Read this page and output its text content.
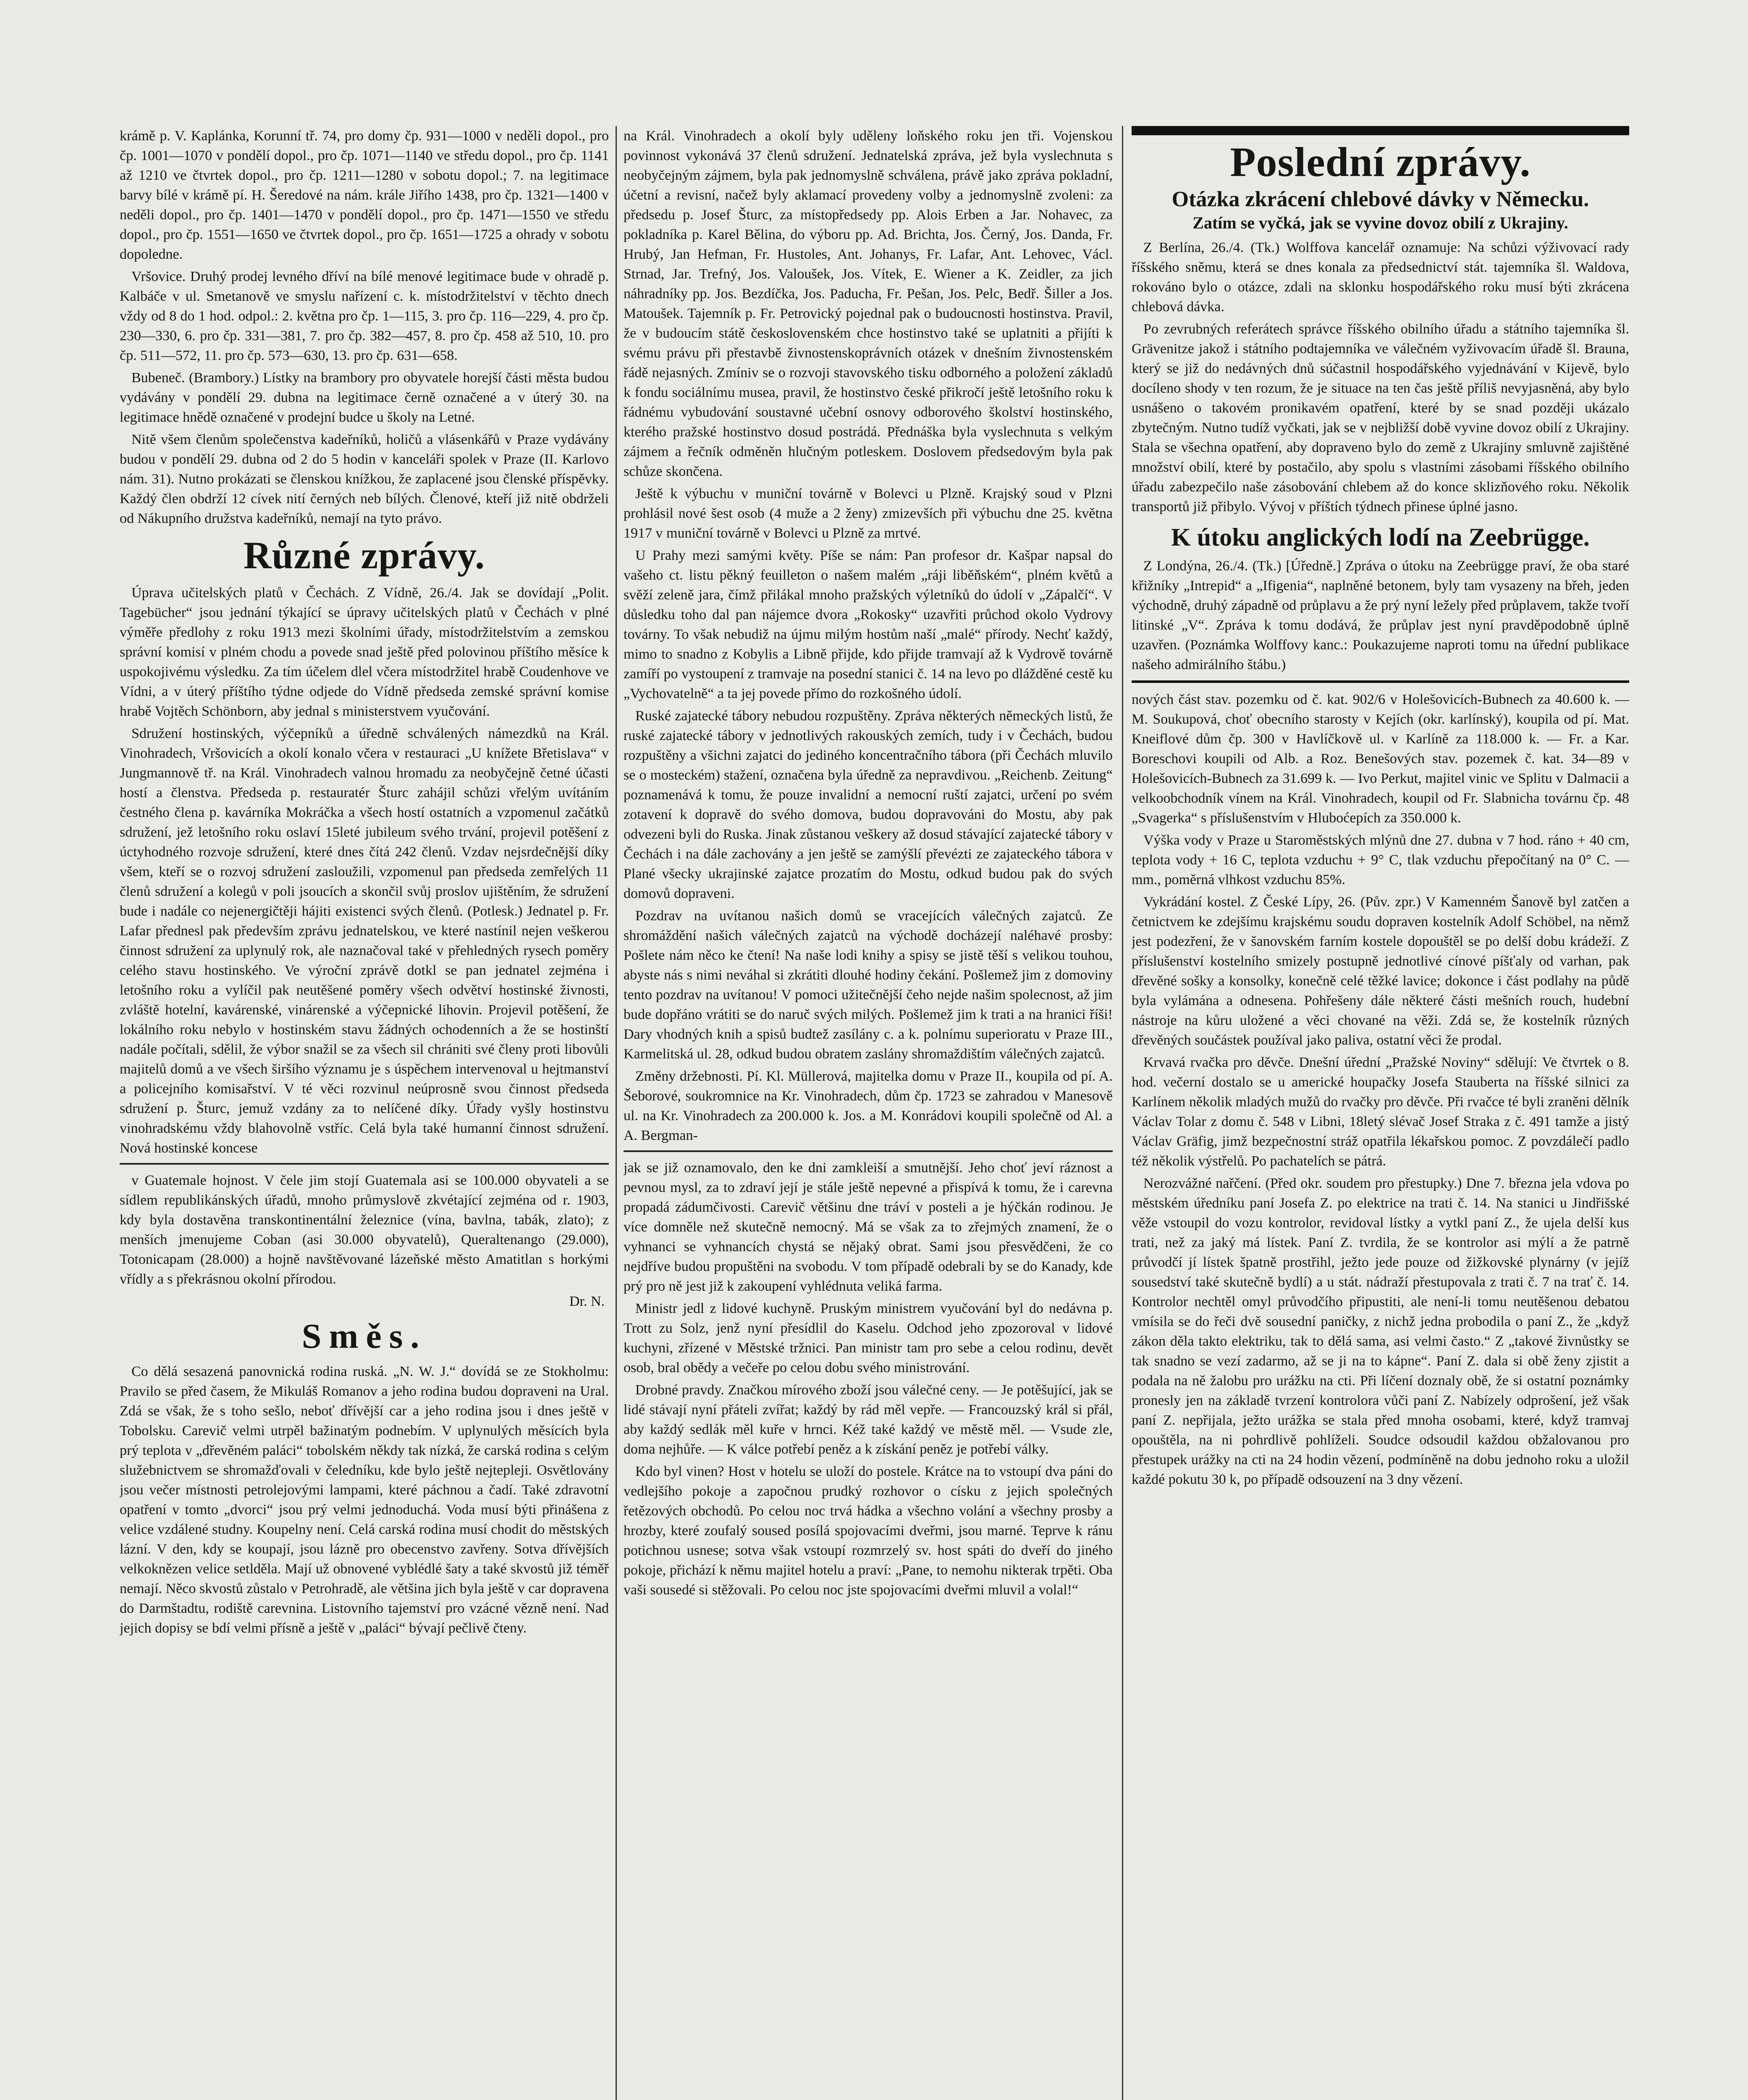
krámě p. V. Kaplánka, Korunní tř. 74, pro domy čp. 931—1000 v neděli dopol., pro čp. 1001—1070 v pondělí dopol., pro čp. 1071—1140 ve středu dopol., pro čp. 1141 až 1210 ve čtvrtek dopol., pro čp. 1211—1280 v sobotu dopol.; 7. na legitimace barvy bílé v krámě pí. H. Šeredové na nám. krále Jiřího 1438, pro čp. 1321—1400 v neděli dopol., pro čp. 1401—1470 v pondělí dopol., pro čp. 1471—1550 ve středu dopol., pro čp. 1551—1650 ve čtvrtek dopol., pro čp. 1651—1725 a ohrady v sobotu dopoledne.

Vršovice. Druhý prodej levného dříví na bílé menové legitimace bude v ohradě p. Kalbáče v ul. Smetanově ve smyslu nařízení c. k. místodržitelství v těchto dnech vždy od 8 do 1 hod. odpol.: 2. května pro čp. 1—115, 3. pro čp. 116—229, 4. pro čp. 230—330, 6. pro čp. 331—381, 7. pro čp. 382—457, 8. pro čp. 458 až 510, 10. pro čp. 511—572, 11. pro čp. 573—630, 13. pro čp. 631—658.

Bubeneč. (Brambory.) Lístky na brambory pro obyvatele horejší části města budou vydávány v pondělí 29. dubna na legitimace černě označené a v úterý 30. na legitimace hnědě označené v prodejní budce u školy na Letné.

Nitě všem členům společenstva kadeřníků, holičů a vlásenkářů v Praze vydávány budou v pondělí 29. dubna od 2 do 5 hodin v kanceláři spolek v Praze (II. Karlovo nám. 31). Nutno prokázati se členskou knížkou, že zaplacené jsou členské příspěvky. Každý člen obdrží 12 cívek nití černých neb bílých. Členové, kteří již nitě obdrželi od Nákupního družstva kadeřníků, nemají na tyto právo.

Různé zprávy.

Úprava učitelských platů v Čechách. Z Vídně, 26./4. Jak se dovídají „Polit. Tagebücher“ jsou jednání týkající se úpravy učitelských platů v Čechách v plné výměře předlohy z roku 1913 mezi školními úřady, místodržitelstvím a zemskou správní komisí v plném chodu a povede snad ještě před polovinou příštího měsíce k uspokojivému výsledku. Za tím účelem dlel včera místodržitel hrabě Coudenhove ve Vídni, a v úterý příštího týdne odjede do Vídně předseda zemské správní komise hrabě Vojtěch Schönborn, aby jednal s ministerstvem vyučování.

Sdružení hostinských, výčepníků a úředně schválených námezdků na Král. Vinohradech, Vršovicích a okolí konalo včera v restauraci „U knížete Břetislava“ v Jungmannově tř. na Král. Vinohradech valnou hromadu za neobyčejně četné účasti hostí a členstva. Předseda p. restauratér Šturc zahájil schůzi vřelým uvítáním čestného člena p. kavárníka Mokráčka a všech hostí ostatních a vzpomenul začátků sdružení, jež letošního roku oslaví 15leté jubileum svého trvání, projevil potěšení z úctyhodného rozvoje sdružení, které dnes čítá 242 členů. Vzdav nejsrdečnější díky všem, kteří se o rozvoj sdružení zasloužili, vzpomenul pan předseda zemřelých 11 členů sdružení a kolegů v poli jsoucích a skončil svůj proslov ujištěním, že sdružení bude i nadále co nejenergičtěji hájiti existenci svých členů. (Potlesk.) Jednatel p. Fr. Lafar přednesl pak především zprávu jednatelskou, ve které nastínil nejen veškerou činnost sdružení za uplynulý rok, ale naznačoval také v přehledných rysech poměry celého stavu hostinského. Ve výroční zprávě dotkl se pan jednatel zejména i letošního roku a vylíčil pak neutěšené poměry všech odvětví hostinské živnosti, zvláště hotelní, kavárenské, vinárenské a výčepnické lihovin. Projevil potěšení, že lokálního roku nebylo v hostinském stavu žádných ochodenních a že se hostinští nadále počítali, sdělil, že výbor snažil se za všech sil chrániti své členy proti libovůli majitelů domů a ve všech širšího významu je s úspěchem intervenoval u hejtmanství a policejního komisařství. V té věci rozvinul neúprosně svou činnost předseda sdružení p. Šturc, jemuž vzdány za to nelíčené díky. Úřady vyšly hostinstvu vinohradskému vždy blahovolně vstříc. Celá byla také humanní činnost sdružení. Nová hostinské koncese

v Guatemale hojnost. V čele jim stojí Guatemala asi se 100.000 obyvateli a se sídlem republikánských úřadů, mnoho průmyslově zkvétající zejména od r. 1903, kdy byla dostavěna transkontinentální železnice (vína, bavlna, tabák, zlato); z menších jmenujeme Coban (asi 30.000 obyvatelů), Queraltenango (29.000), Totonicapam (28.000) a hojně navštěvované lázeňské město Amatitlan s horkými vřídly a s překrásnou okolní přírodou.

Dr. N.
Směs.

Co dělá sesazená panovnická rodina ruská. „N. W. J.“ dovídá se ze Stokholmu: Pravilo se před časem, že Mikuláš Romanov a jeho rodina budou dopraveni na Ural. Zdá se však, že s toho sešlo, neboť dřívější car a jeho rodina jsou i dnes ještě v Tobolsku. Carevič velmi utrpěl bažinatým podnebím. V uplynulých měsících byla prý teplota v „dřevěném paláci“ tobolském někdy tak nízká, že carská rodina s celým služebnictvem se shromažďovali v čeledníku, kde bylo ještě nejtepleji. Osvětlovány jsou večer místnosti petrolejovými lampami, které páchnou a čadí. Také zdravotní opatření v tomto „dvorci“ jsou prý velmi jednoduchá. Voda musí býti přinášena z velice vzdálené studny. Koupelny není. Celá carská rodina musí chodit do městských lázní. V den, kdy se koupají, jsou lázně pro obecenstvo zavřeny. Sotva dřívějších velkoknězen velice setlděla. Mají už obnovené vyblédlé šaty a také skvostů již téměř nemají. Něco skvostů zůstalo v Petrohradě, ale většina jich byla ještě v car dopravena do Darmštadtu, rodiště carevnina. Listovního tajemství pro vzácné vězně není. Nad jejich dopisy se bdí velmi přísně a ještě v „paláci“ bývají pečlivě čteny.

na Král. Vinohradech a okolí byly uděleny loňského roku jen tři. Vojenskou povinnost vykonává 37 členů sdružení. Jednatelská zpráva, jež byla vyslechnuta s neobyčejným zájmem, byla pak jednomyslně schválena, právě jako zpráva pokladní, účetní a revisní, načež byly aklamací provedeny volby a jednomyslně zvoleni: za předsedu p. Josef Šturc, za místopředsedy pp. Alois Erben a Jar. Nohavec, za pokladníka p. Karel Bělina, do výboru pp. Ad. Brichta, Jos. Černý, Jos. Danda, Fr. Hrubý, Jan Hefman, Fr. Hustoles, Ant. Johanys, Fr. Lafar, Ant. Lehovec, Václ. Strnad, Jar. Trefný, Jos. Valoušek, Jos. Vítek, E. Wiener a K. Zeidler, za jich náhradníky pp. Jos. Bezdíčka, Jos. Paducha, Fr. Pešan, Jos. Pelc, Bedř. Šiller a Jos. Matoušek. Tajemník p. Fr. Petrovický pojednal pak o budoucnosti hostinstva. Pravil, že v budoucím státě československém chce hostinstvo také se uplatniti a přijíti k svému právu při přestavbě živnostenskoprávních otázek v dnešním živnostenském řádě nejasných. Zmíniv se o rozvoji stavovského tisku odborného a položení základů k fondu sociálnímu musea, pravil, že hostinstvo české přikročí ještě letošního roku k řádnému vybudování soustavné učební osnovy odborového školství hostinského, kterého pražské hostinstvo dosud postrádá. Přednáška byla vyslechnuta s velkým zájmem a řečník odměněn hlučným potleskem. Doslovem předsedovým byla pak schůze skončena.

Ještě k výbuchu v muniční továrně v Bolevci u Plzně. Krajský soud v Plzni prohlásil nové šest osob (4 muže a 2 ženy) zmizevších při výbuchu dne 25. května 1917 v muniční továrně v Bolevci u Plzně za mrtvé.

U Prahy mezi samými květy. Píše se nám: Pan profesor dr. Kašpar napsal do vašeho ct. listu pěkný feuilleton o našem malém „ráji liběňském“, plném květů a svěží zeleně jara, čímž přilákal mnoho pražských výletníků do údolí v „Zápalčí“. V důsledku toho dal pan nájemce dvora „Rokosky“ uzavřiti průchod okolo Vydrovy továrny. To však nebudiž na újmu milým hostům naší „malé“ přírody. Nechť každý, mimo to snadno z Kobylis a Libně přijde, kdo přijde tramvají až k Vydrově továrně zamíří po vystoupení z tramvaje na posední stanici č. 14 na levo po dlážděné cestě ku „Vychovatelně“ a ta jej povede přímo do rozkošného údolí.

Ruské zajatecké tábory nebudou rozpuštěny. Zpráva některých německých listů, že ruské zajatecké tábory v jednotlivých rakouských zemích, tudy i v Čechách, budou rozpuštěny a všichni zajatci do jediného koncentračního tábora (při Čechách mluvilo se o mosteckém) stažení, označena byla úředně za nepravdivou. „Reichenb. Zeitung“ poznamenává k tomu, že pouze invalidní a nemocní ruští zajatci, určení po svém zotavení k dopravě do svého domova, budou dopravováni do Mostu, aby pak odvezeni byli do Ruska. Jinak zůstanou veškery až dosud stávající zajatecké tábory v Čechách i na dále zachovány a jen ještě se zamýšlí převézti ze zajateckého tábora v Plané všecky ukrajinské zajatce prozatím do Mostu, odkud budou pak do svých domovů dopraveni.

Pozdrav na uvítanou našich domů se vracejících válečných zajatců. Ze shromáždění našich válečných zajatců na východě docházejí naléhavé prosby: Pošlete nám něco ke čtení! Na naše lodi knihy a spisy se jistě těší s velikou touhou, abyste nás s nimi neváhal si zkrátiti dlouhé hodiny čekání. Pošlemež jim z domoviny tento pozdrav na uvítanou! V pomoci užitečnější čeho nejde našim spolecnost, až jim bude dopřáno vrátiti se do naruč svých milých. Pošlemež jim k trati a na hranici říši! Dary vhodných knih a spisů budtež zasílány c. a k. polnímu superioratu v Praze III., Karmelitská ul. 28, odkud budou obratem zaslány shromaždištím válečných zajatců.

Změny držebnosti. Pí. Kl. Müllerová, majitelka domu v Praze II., koupila od pí. A. Šeborové, soukromnice na Kr. Vinohradech, dům čp. 1723 se zahradou v Manesově ul. na Kr. Vinohradech za 200.000 k. Jos. a M. Konrádovi koupili společně od Al. a A. Bergman-

jak se již oznamovalo, den ke dni zamkleiší a smutnější. Jeho choť jeví ráznost a pevnou mysl, za to zdraví její je stále ještě nepevné a přispívá k tomu, že i carevna propadá zádumčivosti. Carevič většinu dne tráví v posteli a je hýčkán rodinou. Je více domněle než skutečně nemocný. Má se však za to zřejmých znamení, že o vyhnanci se vyhnancích chystá se nějaký obrat. Sami jsou přesvědčeni, že co nejdříve budou propuštěni na svobodu. V tom případě odebrali by se do Kanady, kde prý pro ně jest již k zakoupení vyhlédnuta veliká farma.

Ministr jedl z lidové kuchyně. Pruským ministrem vyučování byl do nedávna p. Trott zu Solz, jenž nyní přesídlil do Kaselu. Odchod jeho zpozoroval v lidové kuchyni, zřízené v Městské tržnici. Pan ministr tam pro sebe a celou rodinu, devět osob, bral obědy a večeře po celou dobu svého ministrování.

Drobné pravdy. Značkou mírového zboží jsou válečné ceny. — Je potěšující, jak se lidé stávají nyní přáteli zvířat; každý by rád měl vepře. — Francouzský král si přál, aby každý sedlák měl kuře v hrnci. Kéž také každý ve městě měl. — Vsude zle, doma nejhůře. — K válce potřebí peněz a k získání peněz je potřebí války.

Kdo byl vinen? Host v hotelu se uloží do postele. Krátce na to vstoupí dva páni do vedlejšího pokoje a započnou prudký rozhovor o císku z jejich společných řetězových obchodů. Po celou noc trvá hádka a všechno volání a všechny prosby a hrozby, které zoufalý soused posílá spojovacími dveřmi, jsou marné. Teprve k ránu potichnou usnese; sotva však vstoupí rozmrzelý sv. host spáti do dveří do jiného pokoje, přichází k němu majitel hotelu a praví: „Pane, to nemohu nikterak trpěti. Oba vaši sousedé si stěžovali. Po celou noc jste spojovacími dveřmi mluvil a volal!“

Poslední zprávy.
Otázka zkrácení chlebové dávky v Německu.
Zatím se vyčká, jak se vyvine dovoz obilí z Ukrajiny.

Z Berlína, 26./4. (Tk.) Wolffova kancelář oznamuje: Na schůzi výživovací rady říšského sněmu, která se dnes konala za předsednictví stát. tajemníka šl. Waldova, rokováno bylo o otázce, zdali na sklonku hospodářského roku musí býti zkrácena chlebová dávka.

Po zevrubných referátech správce říšského obilního úřadu a státního tajemníka šl. Grävenitze jakož i státního podtajemníka ve válečném vyživovacím úřadě šl. Brauna, který se již do nedávných dnů súčastnil hospodářského vyjednávání v Kijevě, bylo docíleno shody v ten rozum, že je situace na ten čas ještě příliš nevyjasněná, aby bylo usnášeno o takovém pronikavém opatření, které by se snad později ukázalo zbytečným. Nutno tudíž vyčkati, jak se v nejbližší době vyvine dovoz obilí z Ukrajiny. Stala se všechna opatření, aby dopraveno bylo do země z Ukrajiny smluvně zajištěné množství obilí, které by postačilo, aby spolu s vlastními zásobami říšského obilního úřadu zabezpečilo naše zásobování chlebem až do konce sklizňového roku. Několik transportů již přibylo. Vývoj v příštích týdnech přinese úplné jasno.

K útoku anglických lodí na Zeebrügge.

Z Londýna, 26./4. (Tk.) [Úředně.] Zpráva o útoku na Zeebrügge praví, že oba staré křižníky „Intrepid“ a „Ifigenia“, naplněné betonem, byly tam vysazeny na břeh, jeden východně, druhý západně od průplavu a že prý nyní ležely před průplavem, takže tvoří litinské „V“. Zpráva k tomu dodává, že průplav jest nyní pravděpodobně úplně uzavřen. (Poznámka Wolffovy kanc.: Poukazujeme naproti tomu na úřední publikace našeho admirálního štábu.)

nových část stav. pozemku od č. kat. 902/6 v Holešovicích-Bubnech za 40.600 k. — M. Soukupová, choť obecního starosty v Kejích (okr. karlínský), koupila od pí. Mat. Kneiflové dům čp. 300 v Havlíčkově ul. v Karlíně za 118.000 k. — Fr. a Kar. Boreschovi koupili od Alb. a Roz. Benešových stav. pozemek č. kat. 34—89 v Holešovicích-Bubnech za 31.699 k. — Ivo Perkut, majitel vinic ve Splitu v Dalmacii a velkoobchodník vínem na Král. Vinohradech, koupil od Fr. Slabnicha továrnu čp. 48 „Svagerka“ s příslušenstvím v Hluboćepích za 350.000 k.

Výška vody v Praze u Staroměstských mlýnů dne 27. dubna v 7 hod. ráno + 40 cm, teplota vody + 16 C, teplota vzduchu + 9° C, tlak vzduchu přepočítaný na 0° C. — mm., poměrná vlhkost vzduchu 85%.

Vykrádání kostel. Z České Lípy, 26. (Pův. zpr.) V Kamenném Šanově byl zatčen a četnictvem ke zdejšímu krajskému soudu dopraven kostelník Adolf Schöbel, na němž jest podezření, že v šanovském farním kostele dopouštěl se po delší dobu krádeží. Z příslušenství kostelního smizely postupně jednotlivé cínové píšťaly od varhan, pak dřevěné sošky a konsolky, konečně celé těžké lavice; dokonce i část podlahy na půdě byla vylámána a odnesena. Pohřešeny dále některé části mešních rouch, hudební nástroje na kůru uložené a věci chované na věži. Zdá se, že kostelník různých dřevěných součástek používal jako paliva, ostatní věci že prodal.

Krvavá rvačka pro děvče. Dnešní úřední „Pražské Noviny“ sdělují: Ve čtvrtek o 8. hod. večerní dostalo se u americké houpačky Josefa Stauberta na říšské silnici za Karlínem několik mladých mužů do rvačky pro děvče. Při rvačce té byli zraněni dělník Václav Tolar z domu č. 548 v Libni, 18letý slévač Josef Straka z č. 491 tamže a jistý Václav Gräfig, jimž bezpečnostní stráž opatřila lékařskou pomoc. Z povzdálečí padlo též několik výstřelů. Po pachatelích se pátrá.

Nerozvážné nařčení. (Před okr. soudem pro přestupky.) Dne 7. března jela vdova po městském úředníku paní Josefa Z. po elektrice na trati č. 14. Na stanici u Jindřišské věže vstoupil do vozu kontrolor, revidoval lístky a vytkl paní Z., že ujela delší kus trati, než za jaký má lístek. Paní Z. tvrdila, že se kontrolor asi mýlí a že patrně průvodčí jí lístek špatně prostřihl, ježto jede pouze od žižkovské plynárny (v jejíž sousedství také skutečně bydlí) a u stát. nádraží přestupovala z trati č. 7 na trať č. 14. Kontrolor nechtěl omyl průvodčího připustiti, ale není-li tomu neutěšenou debatou vmísila se do řeči dvě sousední paničky, z nichž jedna probodila o paní Z., že „když zákon děla takto elektriku, tak to dělá sama, asi velmi často.“ Z „takové živnůstky se tak snadno se vezí zadarmo, až se ji na to kápne“. Paní Z. dala si obě ženy zjistit a podala na ně žalobu pro urážku na cti. Při líčení doznaly obě, že si ostatní poznámky pronesly jen na základě tvrzení kontrolora vůči paní Z. Nabízely odprošení, jež však paní Z. nepřijala, ježto urážka se stala před mnoha osobami, které, když tramvaj opouštěla, na ni pohrdlivě pohlíželi. Soudce odsoudil každou obžalovanou pro přestupek urážky na cti na 24 hodin vězení, podmíněně na dobu jednoho roku a uložil každé pokutu 30 k, po případě odsouzení na 3 dny vězení.
